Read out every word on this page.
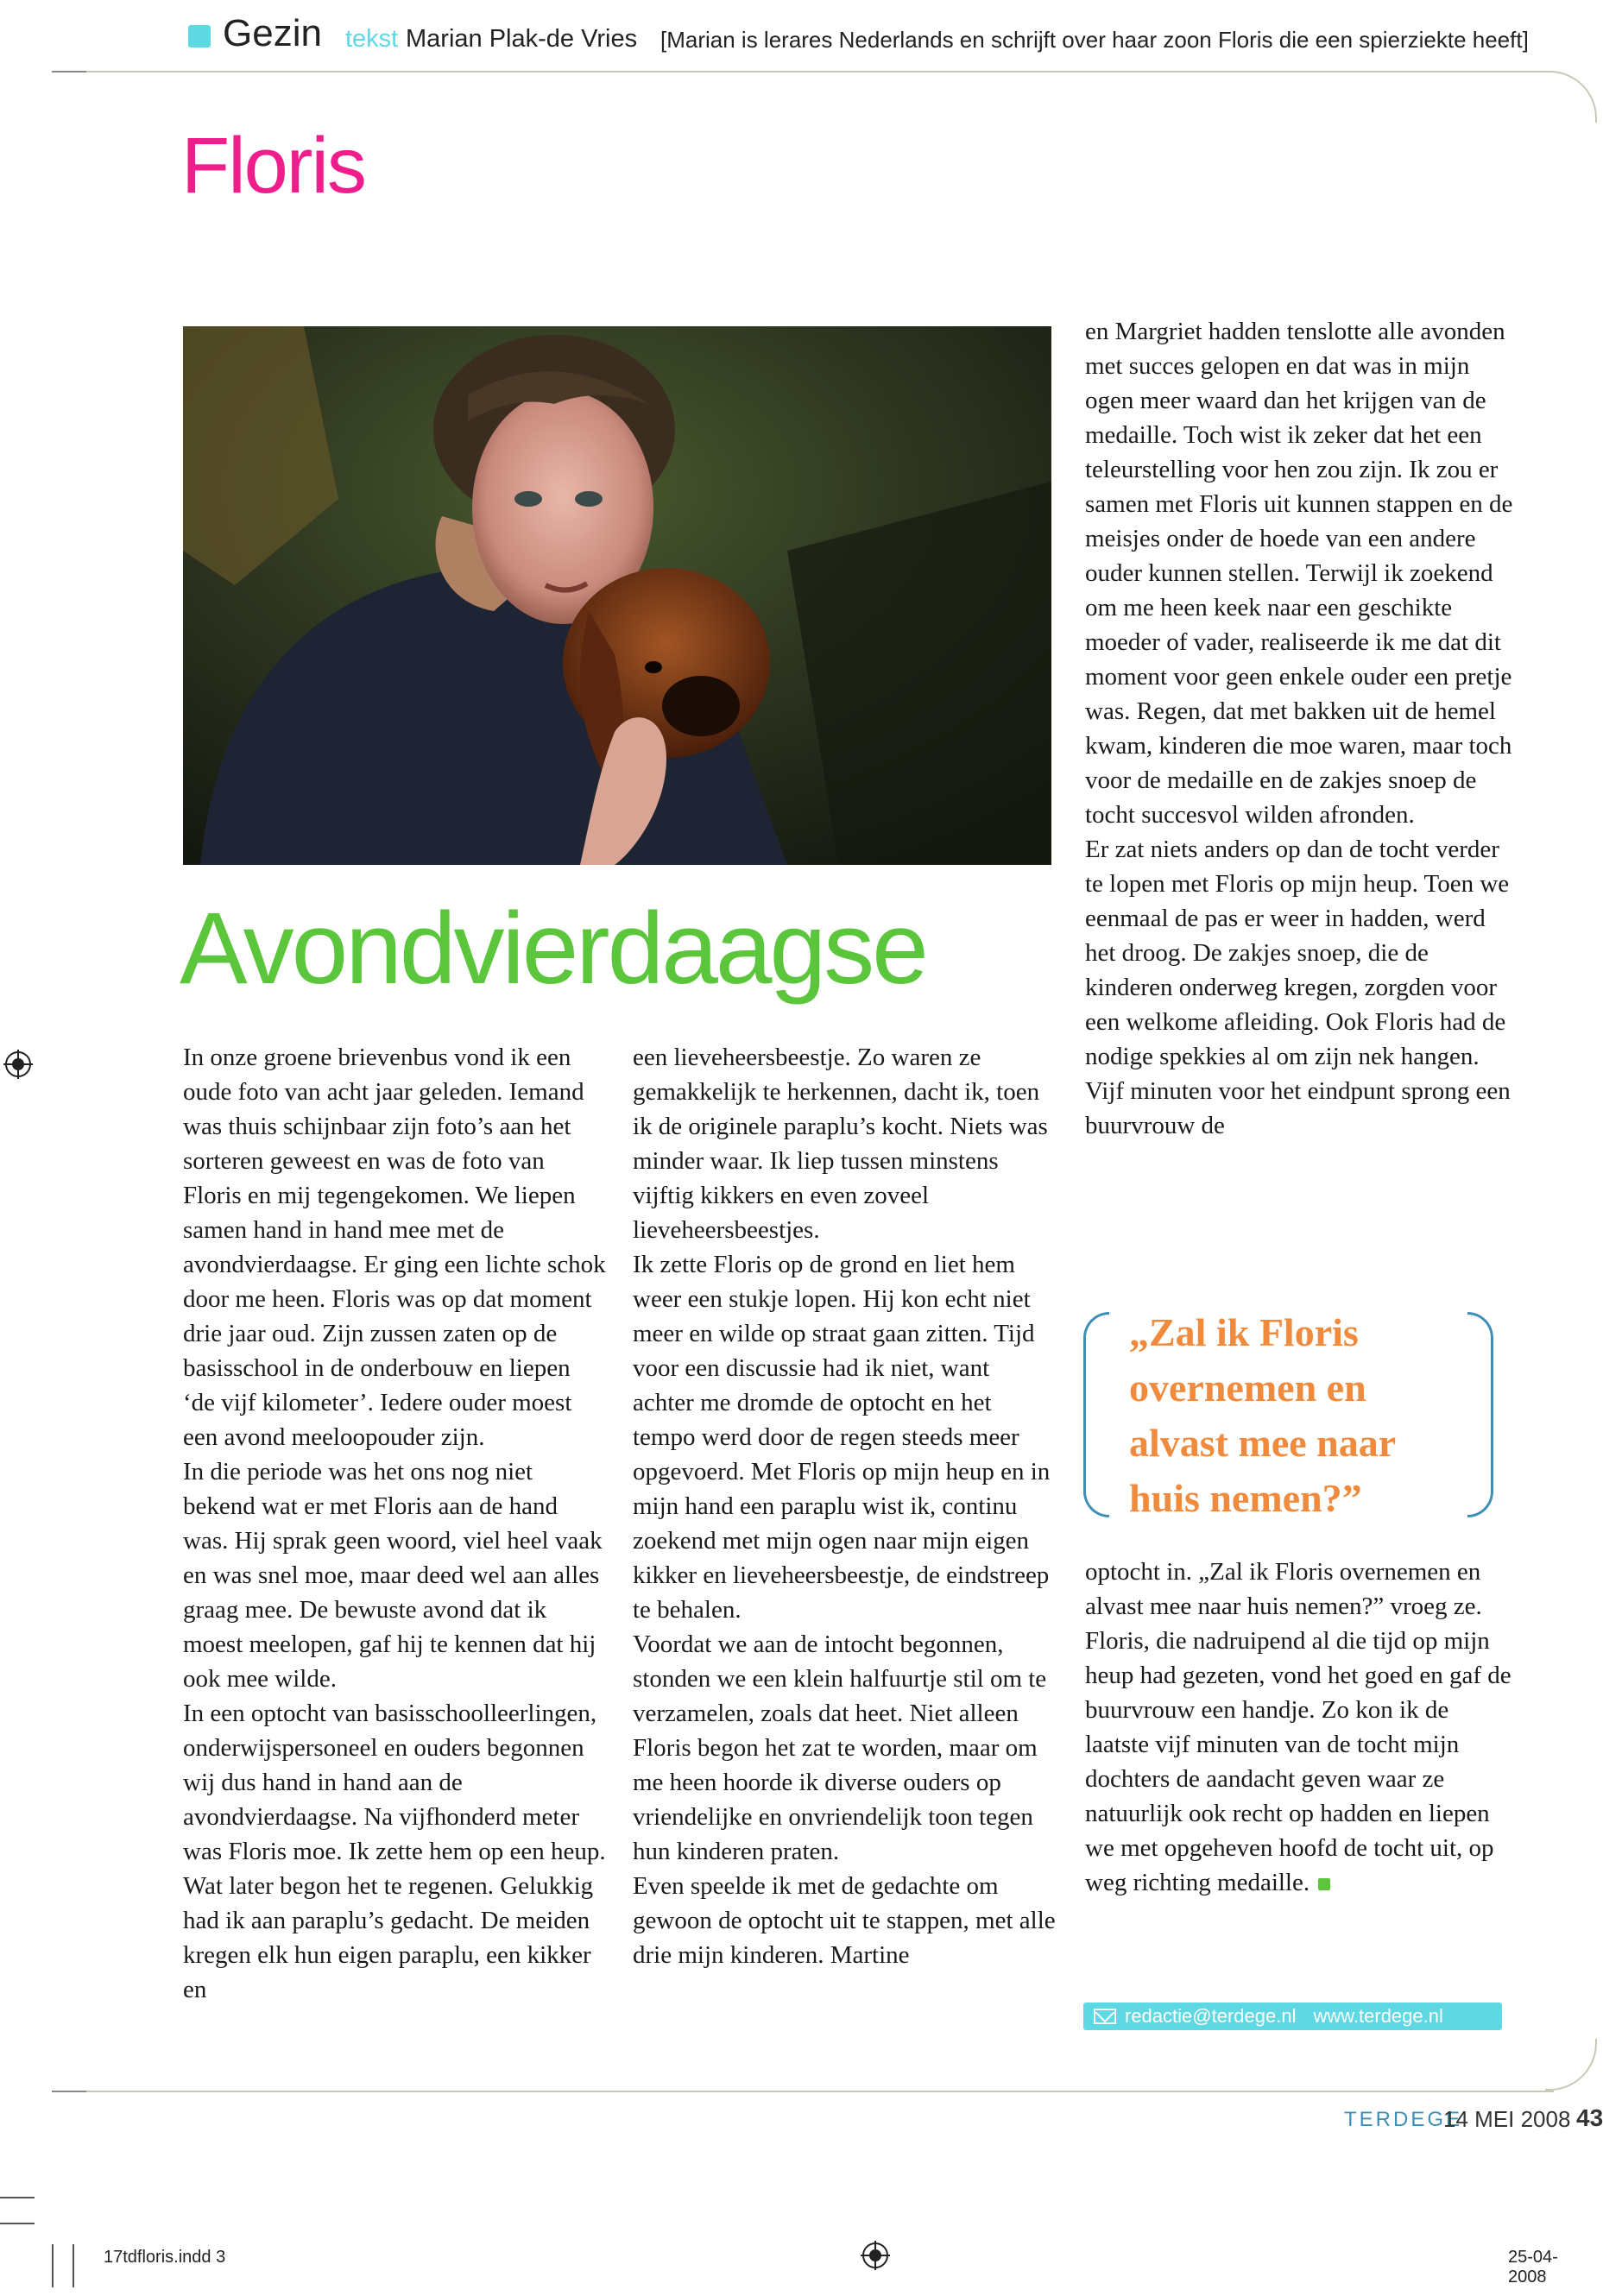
Gezin tekst Marian Plak-de Vries [Marian is lerares Nederlands en schrijft over haar zoon Floris die een spierziekte heeft]
Floris
Avondvierdaagse

In onze groene brievenbus vond ik een oude foto van acht jaar geleden. Iemand was thuis schijnbaar zijn foto’s aan het sorteren geweest en was de foto van Floris en mij tegengekomen. We liepen samen hand in hand mee met de avondvierdaagse. Er ging een lichte schok door me heen. Floris was op dat moment drie jaar oud. Zijn zussen zaten op de basisschool in de onderbouw en liepen ‘de vijf kilometer’. Iedere ouder moest een avond meeloopouder zijn.

In die periode was het ons nog niet bekend wat er met Floris aan de hand was. Hij sprak geen woord, viel heel vaak en was snel moe, maar deed wel aan alles graag mee. De bewuste avond dat ik moest meelopen, gaf hij te kennen dat hij ook mee wilde.

In een optocht van basisschoolleerlingen, onderwijspersoneel en ouders begonnen wij dus hand in hand aan de avondvierdaagse. Na vijfhonderd meter was Floris moe. Ik zette hem op een heup. Wat later begon het te regenen. Gelukkig had ik aan paraplu’s gedacht. De meiden kregen elk hun eigen paraplu, een kikker en

een lieveheersbeestje. Zo waren ze gemakkelijk te herkennen, dacht ik, toen ik de originele paraplu’s kocht. Niets was minder waar. Ik liep tussen minstens vijftig kikkers en even zoveel lieveheersbeestjes.

Ik zette Floris op de grond en liet hem weer een stukje lopen. Hij kon echt niet meer en wilde op straat gaan zitten. Tijd voor een discussie had ik niet, want achter me dromde de optocht en het tempo werd door de regen steeds meer opgevoerd. Met Floris op mijn heup en in mijn hand een paraplu wist ik, continu zoekend met mijn ogen naar mijn eigen kikker en lieveheersbeestje, de eindstreep te behalen.

Voordat we aan de intocht begonnen, stonden we een klein halfuurtje stil om te verzamelen, zoals dat heet. Niet alleen Floris begon het zat te worden, maar om me heen hoorde ik diverse ouders op vriendelijke en onvriendelijk toon tegen hun kinderen praten.

Even speelde ik met de gedachte om gewoon de optocht uit te stappen, met alle drie mijn kinderen. Martine

en Margriet hadden tenslotte alle avonden met succes gelopen en dat was in mijn ogen meer waard dan het krijgen van de medaille. Toch wist ik zeker dat het een teleurstelling voor hen zou zijn. Ik zou er samen met Floris uit kunnen stappen en de meisjes onder de hoede van een andere ouder kunnen stellen. Terwijl ik zoekend om me heen keek naar een geschikte moeder of vader, realiseerde ik me dat dit moment voor geen enkele ouder een pretje was. Regen, dat met bakken uit de hemel kwam, kinderen die moe waren, maar toch voor de medaille en de zakjes snoep de tocht succesvol wilden afronden.

Er zat niets anders op dan de tocht verder te lopen met Floris op mijn heup. Toen we eenmaal de pas er weer in hadden, werd het droog. De zakjes snoep, die de kinderen onderweg kregen, zorgden voor een welkome afleiding. Ook Floris had de nodige spekkies al om zijn nek hangen. Vijf minuten voor het eindpunt sprong een buurvrouw de

„Zal ik Floris overnemen en alvast mee naar huis nemen?”

optocht in. „Zal ik Floris overnemen en alvast mee naar huis nemen?” vroeg ze. Floris, die nadruipend al die tijd op mijn heup had gezeten, vond het goed en gaf de buurvrouw een handje. Zo kon ik de laatste vijf minuten van de tocht mijn dochters de aandacht geven waar ze natuurlijk ook recht op hadden en liepen we met opgeheven hoofd de tocht uit, op weg richting medaille.

redactie@terdege.nl www.terdege.nl
TERDEGE
14 MEI 2008 43
17tdfloris.indd 3	25-04-2008
